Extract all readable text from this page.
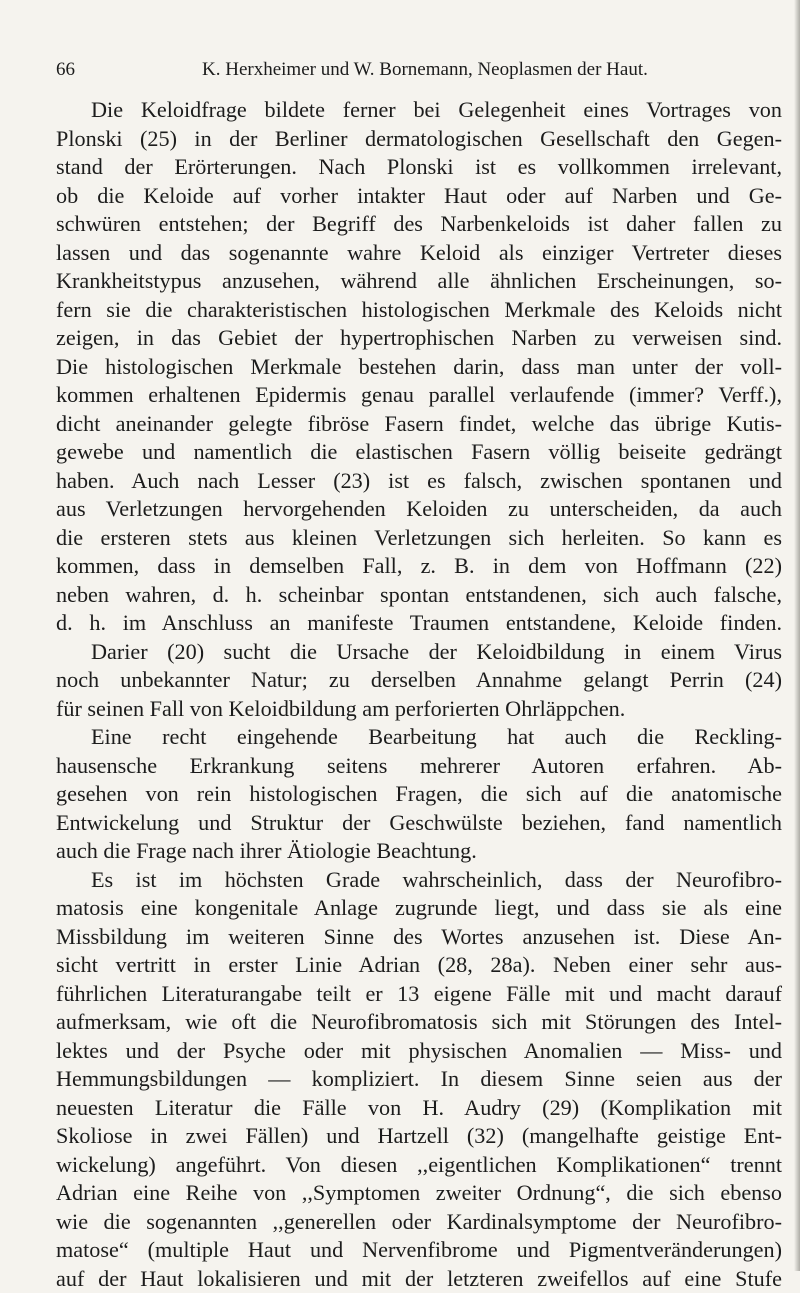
66	K. Herxheimer und W. Bornemann, Neoplasmen der Haut.
Die Keloidfrage bildete ferner bei Gelegenheit eines Vortrages von
Plonski (25) in der Berliner dermatologischen Gesellschaft den Gegen-
stand der Erörterungen. Nach Plonski ist es vollkommen irrelevant,
ob die Keloide auf vorher intakter Haut oder auf Narben und Ge-
schwüren entstehen; der Begriff des Narbenkeloids ist daher fallen zu
lassen und das sogenannte wahre Keloid als einziger Vertreter dieses
Krankheitstypus anzusehen, während alle ähnlichen Erscheinungen, so-
fern sie die charakteristischen histologischen Merkmale des Keloids nicht
zeigen, in das Gebiet der hypertrophischen Narben zu verweisen sind.
Die histologischen Merkmale bestehen darin, dass man unter der voll-
kommen erhaltenen Epidermis genau parallel verlaufende (immer? Verff.),
dicht aneinander gelegte fibröse Fasern findet, welche das übrige Kutis-
gewebe und namentlich die elastischen Fasern völlig beiseite gedrängt
haben. Auch nach Lesser (23) ist es falsch, zwischen spontanen und
aus Verletzungen hervorgehenden Keloiden zu unterscheiden, da auch
die ersteren stets aus kleinen Verletzungen sich herleiten. So kann es
kommen, dass in demselben Fall, z. B. in dem von Hoffmann (22)
neben wahren, d. h. scheinbar spontan entstandenen, sich auch falsche,
d. h. im Anschluss an manifeste Traumen entstandene, Keloide finden.
Darier (20) sucht die Ursache der Keloidbildung in einem Virus
noch unbekannter Natur; zu derselben Annahme gelangt Perrin (24)
für seinen Fall von Keloidbildung am perforierten Ohrläppchen.
Eine recht eingehende Bearbeitung hat auch die Reckling-
hausensche Erkrankung seitens mehrerer Autoren erfahren. Ab-
gesehen von rein histologischen Fragen, die sich auf die anatomische
Entwickelung und Struktur der Geschwülste beziehen, fand namentlich
auch die Frage nach ihrer Ätiologie Beachtung.
Es ist im höchsten Grade wahrscheinlich, dass der Neurofibro-
matosis eine kongenitale Anlage zugrunde liegt, und dass sie als eine
Missbildung im weiteren Sinne des Wortes anzusehen ist. Diese An-
sicht vertritt in erster Linie Adrian (28, 28a). Neben einer sehr aus-
führlichen Literaturangabe teilt er 13 eigene Fälle mit und macht darauf
aufmerksam, wie oft die Neurofibromatosis sich mit Störungen des Intel-
lektes und der Psyche oder mit physischen Anomalien — Miss- und
Hemmungsbildungen — kompliziert. In diesem Sinne seien aus der
neuesten Literatur die Fälle von H. Audry (29) (Komplikation mit
Skoliose in zwei Fällen) und Hartzell (32) (mangelhafte geistige Ent-
wickelung) angeführt. Von diesen ,,eigentlichen Komplikationen“ trennt
Adrian eine Reihe von ,,Symptomen zweiter Ordnung“, die sich ebenso
wie die sogenannten ,,generellen oder Kardinalsymptome der Neurofibro-
matose“ (multiple Haut und Nervenfibrome und Pigmentveränderungen)
auf der Haut lokalisieren und mit der letzteren zweifellos auf eine Stufe
